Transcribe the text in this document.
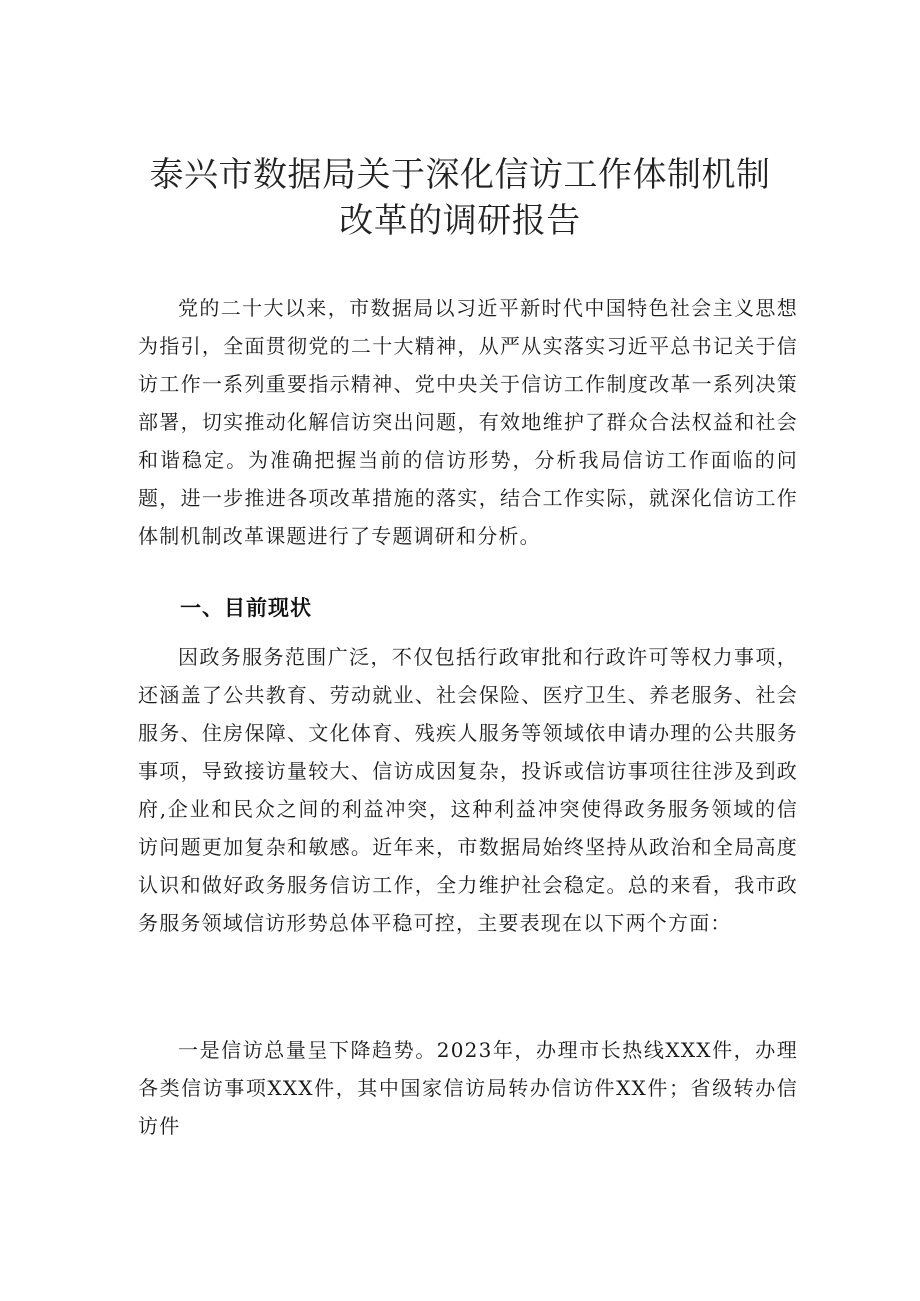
泰兴市数据局关于深化信访工作体制机制
改革的调研报告

党的二十大以来，市数据局以习近平新时代中国特色社会主义思想为指引，全面贯彻党的二十大精神，从严从实落实习近平总书记关于信访工作一系列重要指示精神、党中央关于信访工作制度改革一系列决策部署，切实推动化解信访突出问题，有效地维护了群众合法权益和社会和谐稳定。为准确把握当前的信访形势，分析我局信访工作面临的问题，进一步推进各项改革措施的落实，结合工作实际，就深化信访工作体制机制改革课题进行了专题调研和分析。

一、目前现状

因政务服务范围广泛，不仅包括行政审批和行政许可等权力事项，还涵盖了公共教育、劳动就业、社会保险、医疗卫生、养老服务、社会服务、住房保障、文化体育、残疾人服务等领域依申请办理的公共服务事项，导致接访量较大、信访成因复杂，投诉或信访事项往往涉及到政府,企业和民众之间的利益冲突，这种利益冲突使得政务服务领域的信访问题更加复杂和敏感。近年来，市数据局始终坚持从政治和全局高度认识和做好政务服务信访工作，全力维护社会稳定。总的来看，我市政务服务领域信访形势总体平稳可控，主要表现在以下两个方面：

一是信访总量呈下降趋势。2023年，办理市长热线XXX件，办理各类信访事项XXX件，其中国家信访局转办信访件XX件；省级转办信访件
